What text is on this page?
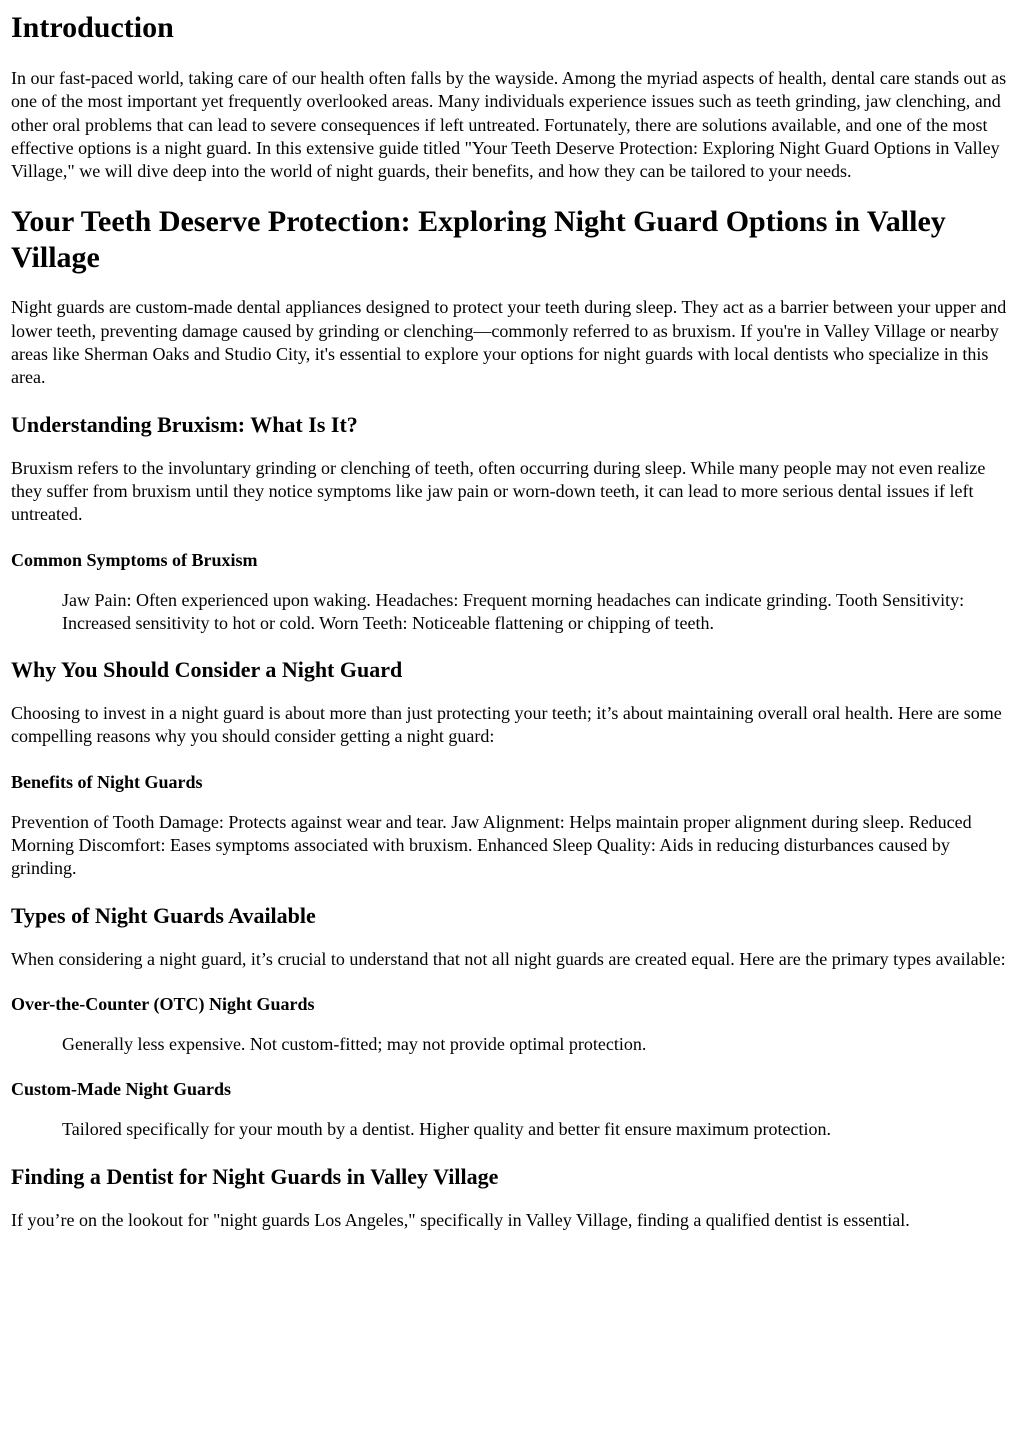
Introduction

In our fast-paced world, taking care of our health often falls by the wayside. Among the myriad aspects of health, dental care stands out as one of the most important yet frequently overlooked areas. Many individuals experience issues such as teeth grinding, jaw clenching, and other oral problems that can lead to severe consequences if left untreated. Fortunately, there are solutions available, and one of the most effective options is a night guard. In this extensive guide titled "Your Teeth Deserve Protection: Exploring Night Guard Options in Valley Village," we will dive deep into the world of night guards, their benefits, and how they can be tailored to your needs.

Your Teeth Deserve Protection: Exploring Night Guard Options in Valley Village

Night guards are custom-made dental appliances designed to protect your teeth during sleep. They act as a barrier between your upper and lower teeth, preventing damage caused by grinding or clenching—commonly referred to as bruxism. If you're in Valley Village or nearby areas like Sherman Oaks and Studio City, it's essential to explore your options for night guards with local dentists who specialize in this area.

Understanding Bruxism: What Is It?

Bruxism refers to the involuntary grinding or clenching of teeth, often occurring during sleep. While many people may not even realize they suffer from bruxism until they notice symptoms like jaw pain or worn-down teeth, it can lead to more serious dental issues if left untreated.

Common Symptoms of Bruxism
Jaw Pain: Often experienced upon waking. Headaches: Frequent morning headaches can indicate grinding. Tooth Sensitivity: Increased sensitivity to hot or cold. Worn Teeth: Noticeable flattening or chipping of teeth.
Why You Should Consider a Night Guard

Choosing to invest in a night guard is about more than just protecting your teeth; it’s about maintaining overall oral health. Here are some compelling reasons why you should consider getting a night guard:

Benefits of Night Guards

Prevention of Tooth Damage: Protects against wear and tear. Jaw Alignment: Helps maintain proper alignment during sleep. Reduced Morning Discomfort: Eases symptoms associated with bruxism. Enhanced Sleep Quality: Aids in reducing disturbances caused by grinding.

Types of Night Guards Available

When considering a night guard, it’s crucial to understand that not all night guards are created equal. Here are the primary types available:

Over-the-Counter (OTC) Night Guards
Generally less expensive. Not custom-fitted; may not provide optimal protection.
Custom-Made Night Guards
Tailored specifically for your mouth by a dentist. Higher quality and better fit ensure maximum protection.
Finding a Dentist for Night Guards in Valley Village

If you’re on the lookout for "night guards Los Angeles," specifically in Valley Village, finding a qualified dentist is essential.
